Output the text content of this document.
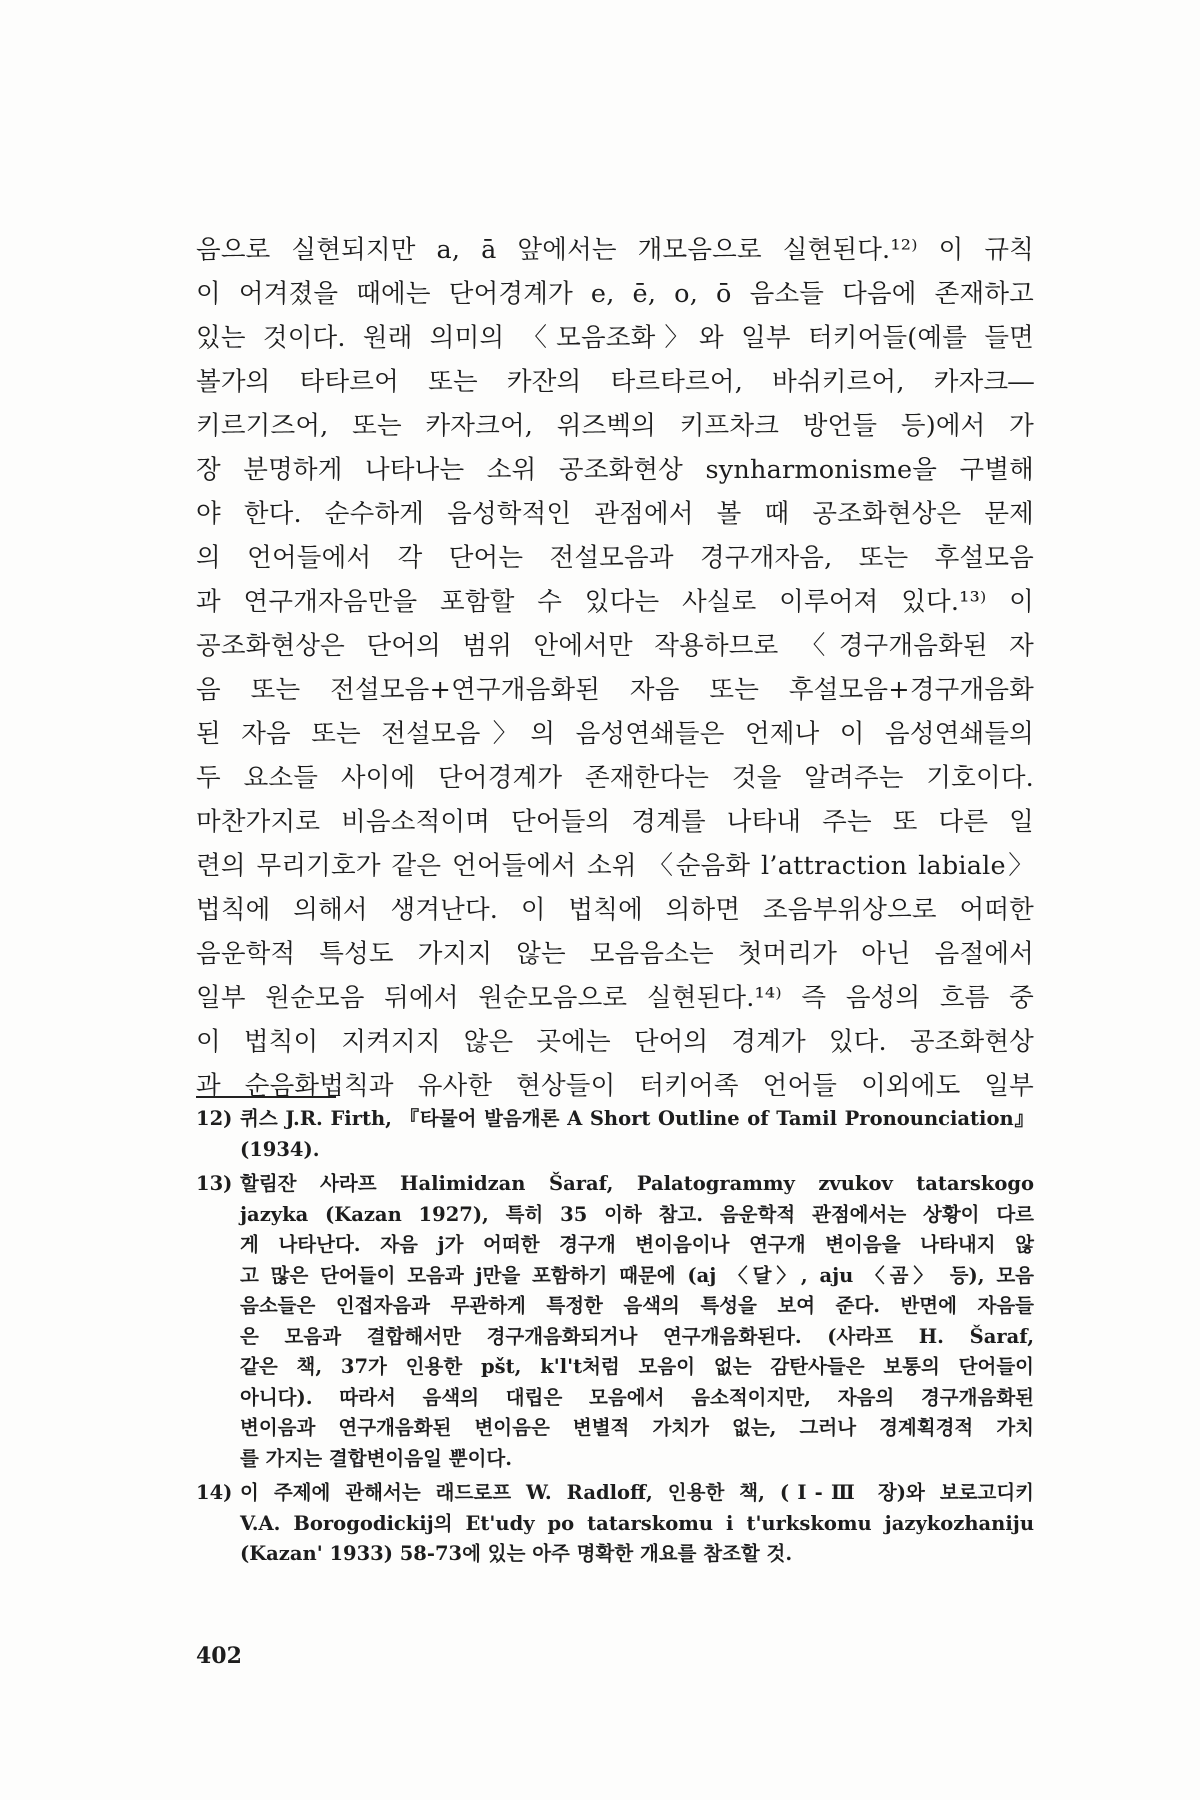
음으로 실현되지만 a, ā 앞에서는 개모음으로 실현된다.¹²⁾ 이 규칙
이 어겨졌을 때에는 단어경계가 e, ē, o, ō 음소들 다음에 존재하고
있는 것이다. 원래 의미의 〈모음조화〉와 일부 터키어들(예를 들면
볼가의 타타르어 또는 카잔의 타르타르어, 바쉬키르어, 카자크―
키르기즈어, 또는 카자크어, 위즈벡의 키프차크 방언들 등)에서 가
장 분명하게 나타나는 소위 공조화현상 synharmonisme을 구별해
야 한다. 순수하게 음성학적인 관점에서 볼 때 공조화현상은 문제
의 언어들에서 각 단어는 전설모음과 경구개자음, 또는 후설모음
과 연구개자음만을 포함할 수 있다는 사실로 이루어져 있다.¹³⁾ 이
공조화현상은 단어의 범위 안에서만 작용하므로 〈경구개음화된 자
음 또는 전설모음+연구개음화된 자음 또는 후설모음+경구개음화
된 자음 또는 전설모음〉의 음성연쇄들은 언제나 이 음성연쇄들의
두 요소들 사이에 단어경계가 존재한다는 것을 알려주는 기호이다.
마찬가지로 비음소적이며 단어들의 경계를 나타내 주는 또 다른 일
련의 무리기호가 같은 언어들에서 소위 〈순음화 l’attraction labiale〉
법칙에 의해서 생겨난다. 이 법칙에 의하면 조음부위상으로 어떠한
음운학적 특성도 가지지 않는 모음음소는 첫머리가 아닌 음절에서
일부 원순모음 뒤에서 원순모음으로 실현된다.¹⁴⁾ 즉 음성의 흐름 중
이 법칙이 지켜지지 않은 곳에는 단어의 경계가 있다. 공조화현상
과 순음화법칙과 유사한 현상들이 터키어족 언어들 이외에도 일부
12) 퀴스 J.R. Firth, 『타물어 발음개론 A Short Outline of Tamil Pronounciation』
(1934).
13) 할림잔 사라프 Halimidzan Šaraf, Palatogrammy zvukov tatarskogo
jazyka (Kazan 1927), 특히 35 이하 참고. 음운학적 관점에서는 상황이 다르
게 나타난다. 자음 j가 어떠한 경구개 변이음이나 연구개 변이음을 나타내지 않
고 많은 단어들이 모음과 j만을 포함하기 때문에 (aj 〈달〉, aju 〈곰〉 등), 모음
음소들은 인접자음과 무관하게 특정한 음색의 특성을 보여 준다. 반면에 자음들
은 모음과 결합해서만 경구개음화되거나 연구개음화된다. (사라프 H. Šaraf,
같은 책, 37가 인용한 pšt, k'l't처럼 모음이 없는 감탄사들은 보통의 단어들이
아니다). 따라서 음색의 대립은 모음에서 음소적이지만, 자음의 경구개음화된
변이음과 연구개음화된 변이음은 변별적 가치가 없는, 그러나 경계획경적 가치
를 가지는 결합변이음일 뿐이다.
14) 이 주제에 관해서는 래드로프 W. Radloff, 인용한 책, (Ⅰ-Ⅲ 장)와 보로고디키
V.A. Borogodickij의 Et'udy po tatarskomu i t'urkskomu jazykozhaniju
(Kazan' 1933) 58-73에 있는 아주 명확한 개요를 참조할 것.
402
